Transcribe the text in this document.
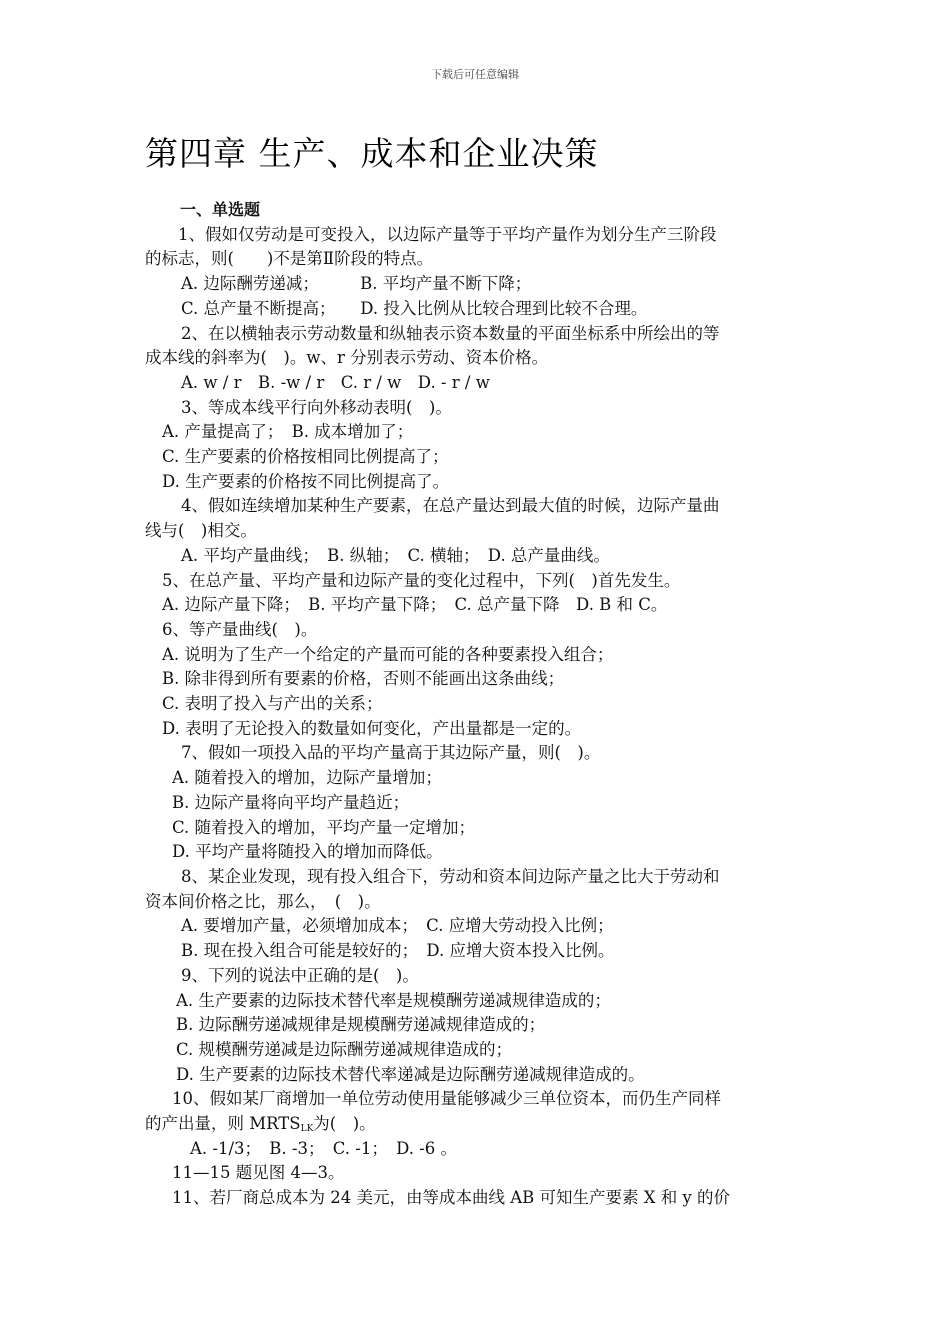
下载后可任意编辑
第四章 生产、成本和企业决策
一、单选题
1、假如仅劳动是可变投入，以边际产量等于平均产量作为划分生产三阶段
的标志，则(　　)不是第Ⅱ阶段的特点。
A. 边际酬劳递减；　　　B. 平均产量不断下降；
C. 总产量不断提高；　　D. 投入比例从比较合理到比较不合理。
2、在以横轴表示劳动数量和纵轴表示资本数量的平面坐标系中所绘出的等
成本线的斜率为(　)。w、r 分别表示劳动、资本价格。
A. w / r　B. -w / r　C. r / w　D. - r / w
3、等成本线平行向外移动表明(　)。
A. 产量提高了；　B. 成本增加了；
C. 生产要素的价格按相同比例提高了；
D. 生产要素的价格按不同比例提高了。
4、假如连续增加某种生产要素，在总产量达到最大值的时候，边际产量曲
线与(　)相交。
A. 平均产量曲线；　B. 纵轴；　C. 横轴；　D. 总产量曲线。
5、在总产量、平均产量和边际产量的变化过程中，下列(　)首先发生。
A. 边际产量下降；　B. 平均产量下降；　C. 总产量下降　D. B 和 C。
6、等产量曲线(　)。
A. 说明为了生产一个给定的产量而可能的各种要素投入组合；
B. 除非得到所有要素的价格，否则不能画出这条曲线；
C. 表明了投入与产出的关系；
D. 表明了无论投入的数量如何变化，产出量都是一定的。
7、假如一项投入品的平均产量高于其边际产量，则(　)。
A. 随着投入的增加，边际产量增加；
B. 边际产量将向平均产量趋近；
C. 随着投入的增加，平均产量一定增加；
D. 平均产量将随投入的增加而降低。
8、某企业发现，现有投入组合下，劳动和资本间边际产量之比大于劳动和
资本间价格之比，那么，　(　)。
A. 要增加产量，必须增加成本；　C. 应增大劳动投入比例；
B. 现在投入组合可能是较好的；　D. 应增大资本投入比例。
9、下列的说法中正确的是(　)。
A. 生产要素的边际技术替代率是规模酬劳递减规律造成的；
B. 边际酬劳递减规律是规模酬劳递减规律造成的；
C. 规模酬劳递减是边际酬劳递减规律造成的；
D. 生产要素的边际技术替代率递减是边际酬劳递减规律造成的。
10、假如某厂商增加一单位劳动使用量能够减少三单位资本，而仍生产同样
的产出量，则 $MRTS_{LK}$为(　)。
A. -1/3；　B. -3；　C. -1；　D. -6 。
11—15 题见图 4—3。
11、若厂商总成本为 24 美元，由等成本曲线 AB 可知生产要素 X 和 y 的价
